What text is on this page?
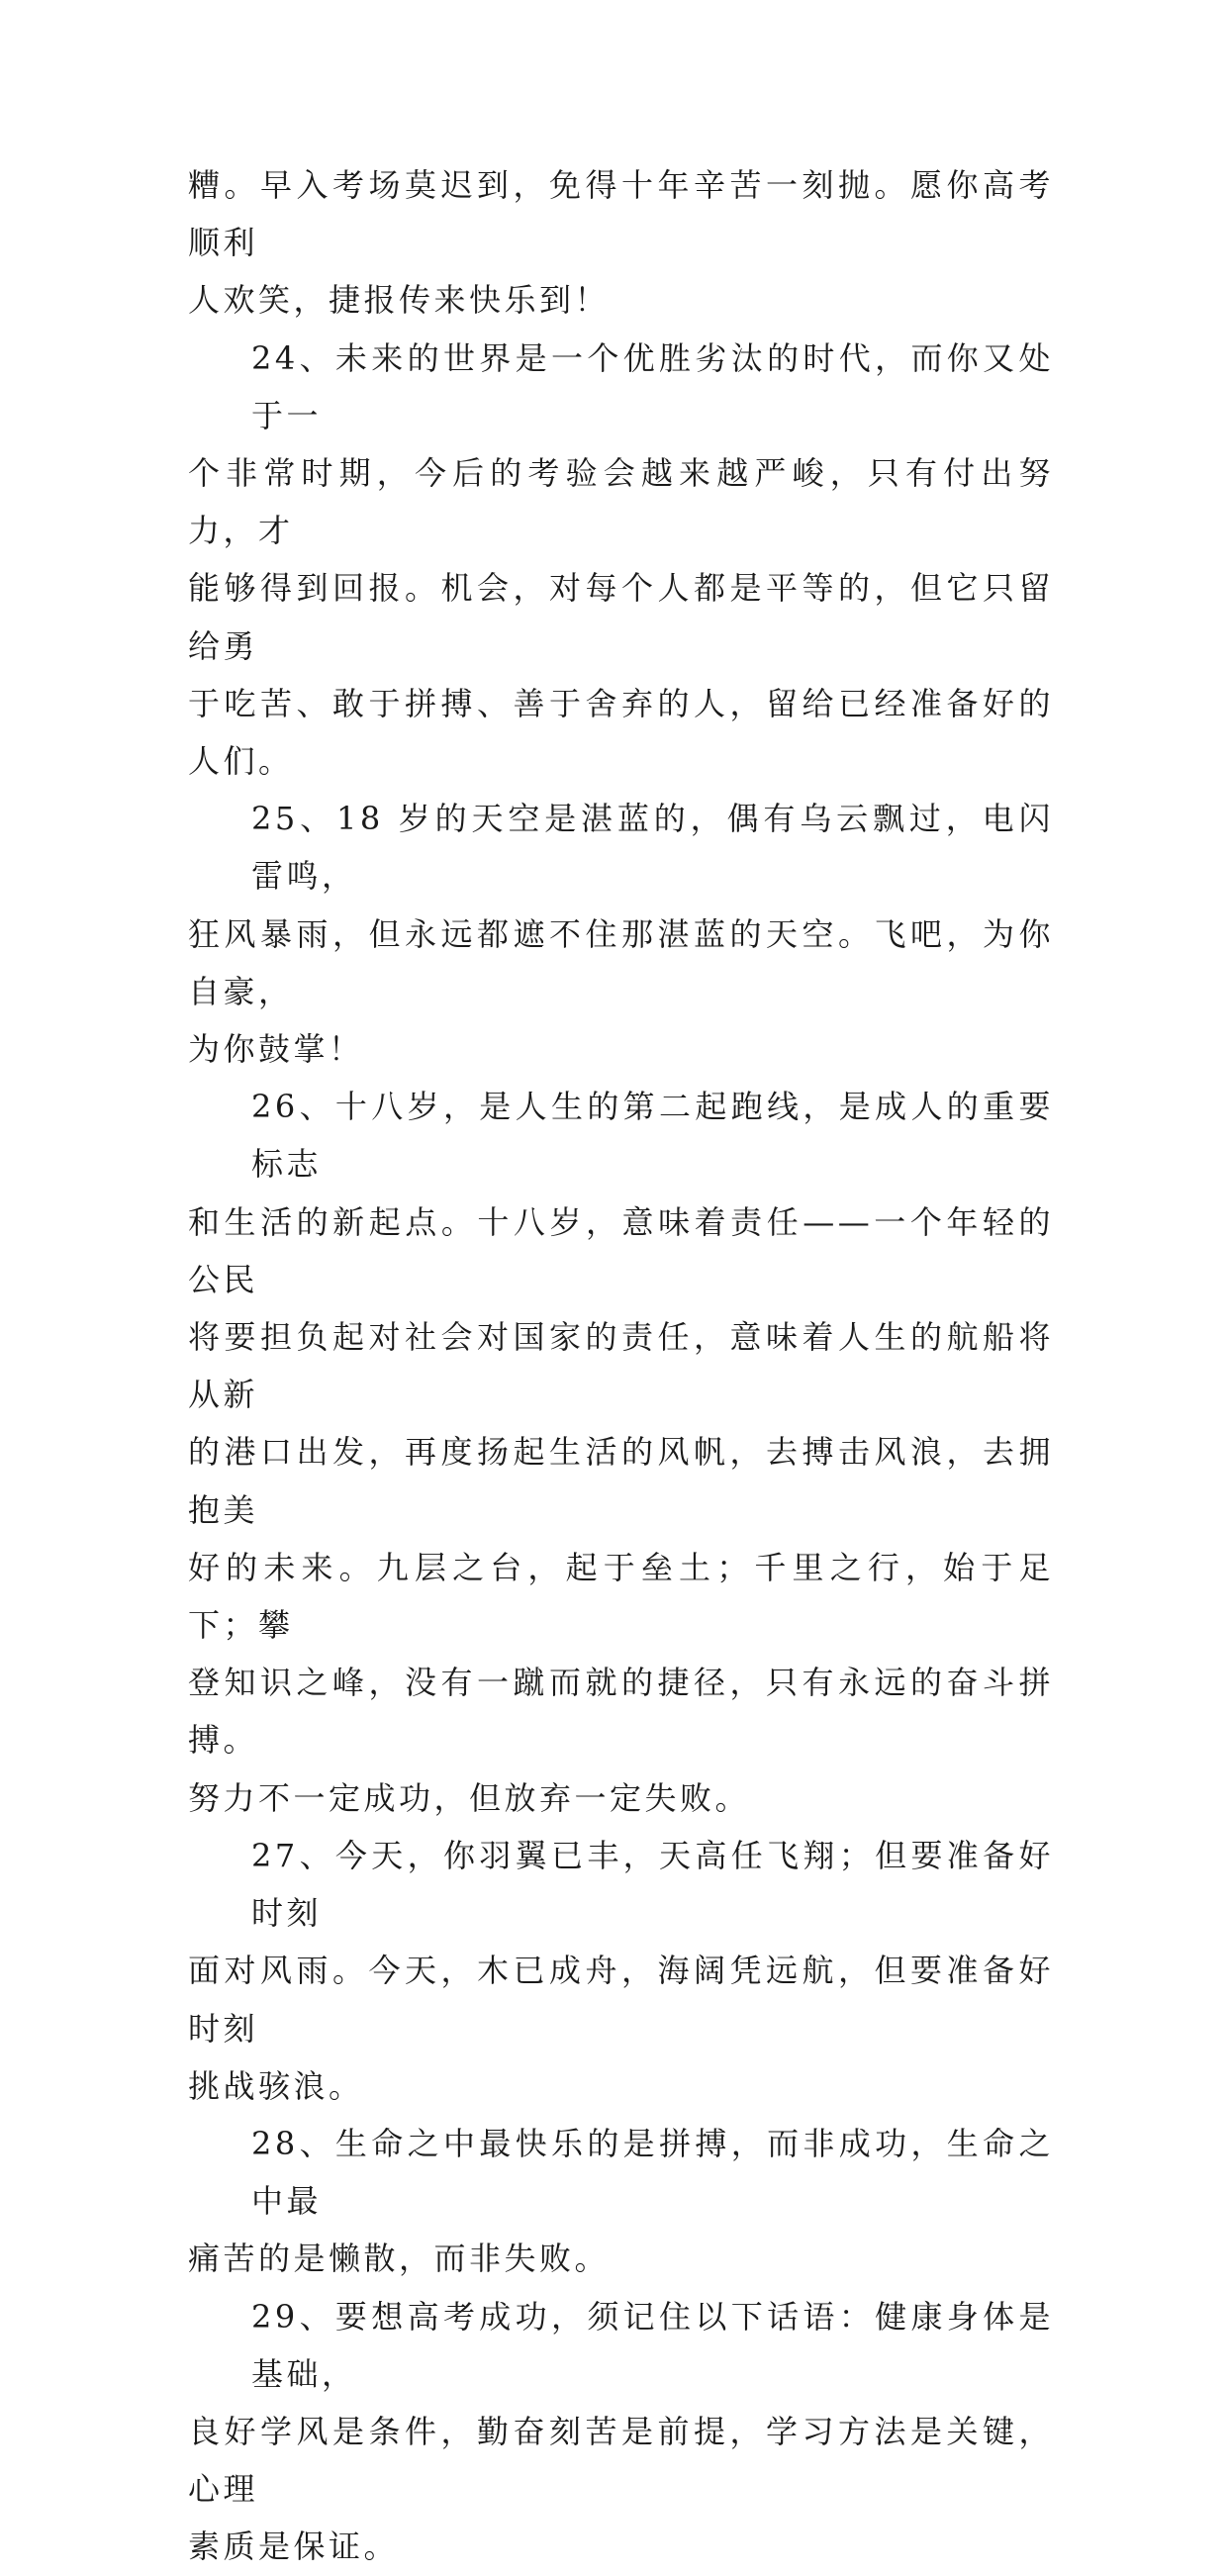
糟。早入考场莫迟到，免得十年辛苦一刻抛。愿你高考顺利
人欢笑，捷报传来快乐到！
24、未来的世界是一个优胜劣汰的时代，而你又处于一
个非常时期，今后的考验会越来越严峻，只有付出努力，才
能够得到回报。机会，对每个人都是平等的，但它只留给勇
于吃苦、敢于拼搏、善于舍弃的人，留给已经准备好的人们。
25、18 岁的天空是湛蓝的，偶有乌云飘过，电闪雷鸣，
狂风暴雨，但永远都遮不住那湛蓝的天空。飞吧，为你自豪，
为你鼓掌！
26、十八岁，是人生的第二起跑线，是成人的重要标志
和生活的新起点。十八岁，意味着责任——一个年轻的公民
将要担负起对社会对国家的责任，意味着人生的航船将从新
的港口出发，再度扬起生活的风帆，去搏击风浪，去拥抱美
好的未来。九层之台，起于垒土；千里之行，始于足下；攀
登知识之峰，没有一蹴而就的捷径，只有永远的奋斗拼搏。
努力不一定成功，但放弃一定失败。
27、今天，你羽翼已丰，天高任飞翔；但要准备好时刻
面对风雨。今天，木已成舟，海阔凭远航，但要准备好时刻
挑战骇浪。
28、生命之中最快乐的是拼搏，而非成功，生命之中最
痛苦的是懒散，而非失败。
29、要想高考成功，须记住以下话语：健康身体是基础，
良好学风是条件，勤奋刻苦是前提，学习方法是关键，心理
素质是保证。
